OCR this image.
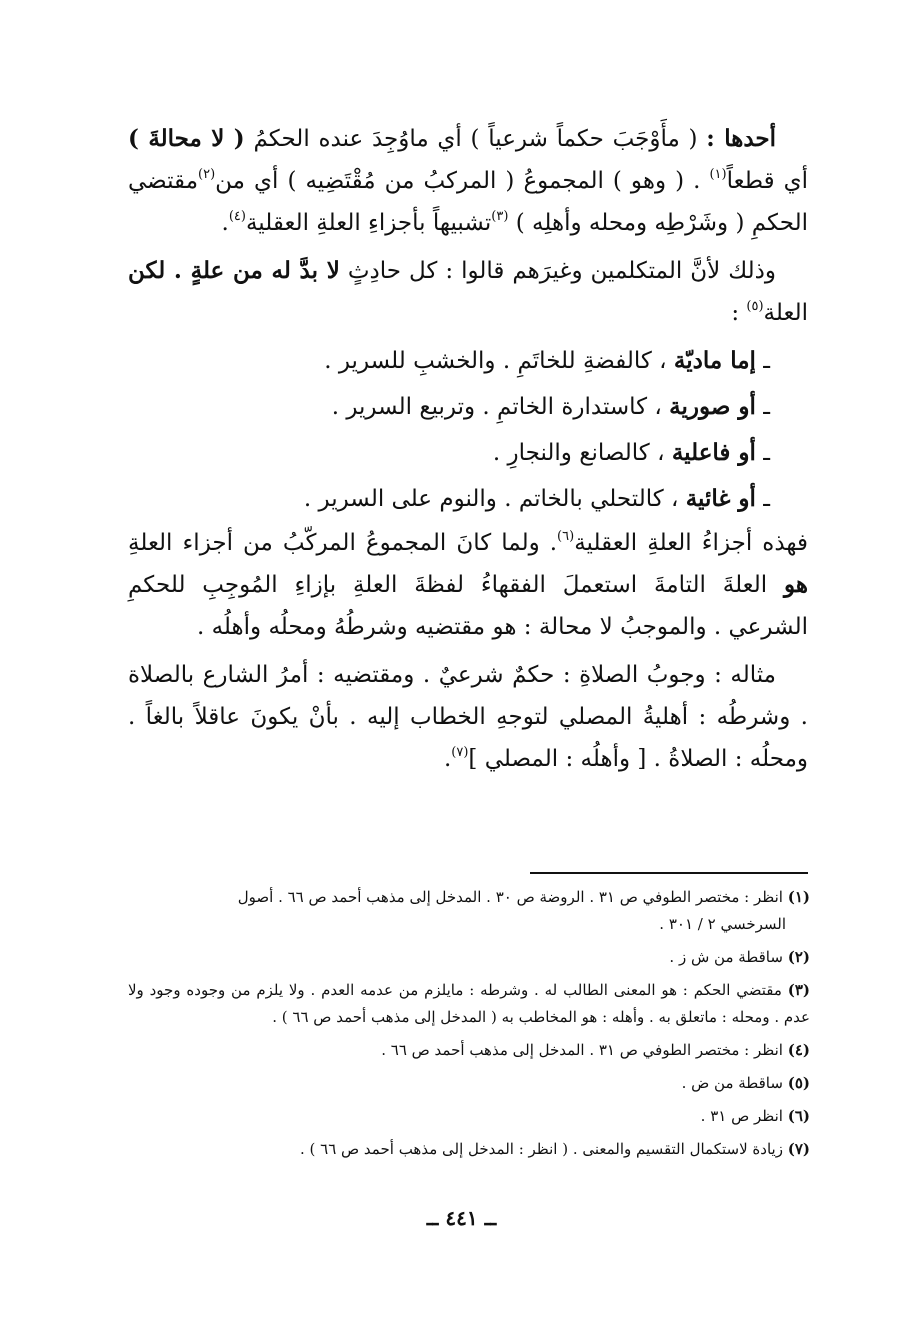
أحدها : ( مأَوْجَبَ حكماً شرعياً ) أي ماوُجِدَ عنده الحكمُ ( لا محالةَ ) أي قطعاً$^{(١)}$ . ( وهو ) المجموعُ ( المركبُ من مُقْتَضِيه ) أي من$^{(٢)}$مقتضي الحكمِ ( وشَرْطِه ومحله وأهلِه ) $^{(٣)}$تشبيهاً بأجزاءِ العلةِ العقلية$^{(٤)}$.

وذلك لأنَّ المتكلمين وغيرَهم قالوا : كل حادِثٍ لا بدَّ له من علةٍ . لكن العلة$^{(٥)}$ :

ـ إما ماديّة ، كالفضةِ للخاتَمِ . والخشبِ للسرير .

ـ أو صورية ، كاستدارة الخاتمِ . وتربيع السرير .

ـ أو فاعلية ، كالصانع والنجارِ .

ـ أو غائية ، كالتحلي بالخاتم . والنوم على السرير .

فهذه أجزاءُ العلةِ العقلية$^{(٦)}$. ولما كانَ المجموعُ المركّبُ من أجزاء العلةِ هو العلةَ التامةَ استعملَ الفقهاءُ لفظةَ العلةِ بإزاءِ المُوجِبِ للحكمِ الشرعي . والموجبُ لا محالة : هو مقتضيه وشرطُهُ ومحلُه وأهلُه .

مثاله : وجوبُ الصلاةِ : حكمٌ شرعيٌ . ومقتضيه : أمرُ الشارع بالصلاة . وشرطُه : أهليةُ المصلي لتوجهِ الخطاب إليه . بأنْ يكونَ عاقلاً بالغاً . ومحلُه : الصلاةُ . [ وأهلُه : المصلي ]$^{(٧)}$.

(١) انظر : مختصر الطوفي ص ٣١ . الروضة ص ٣٠ . المدخل إلى مذهب أحمد ص ٦٦ . أصول
السرخسي ٢ / ٣٠١ .

(٢) ساقطة من ش ز .

(٣) مقتضي الحكم : هو المعنى الطالب له . وشرطه : مايلزم من عدمه العدم . ولا يلزم من وجوده وجود ولا عدم . ومحله : ماتعلق به . وأهله : هو المخاطب به ( المدخل إلى مذهب أحمد ص ٦٦ ) .

(٤) انظر : مختصر الطوفي ص ٣١ . المدخل إلى مذهب أحمد ص ٦٦ .

(٥) ساقطة من ض .

(٦) انظر ص ٣١ .

(٧) زيادة لاستكمال التقسيم والمعنى . ( انظر : المدخل إلى مذهب أحمد ص ٦٦ ) .

ــ ٤٤١ ــ
